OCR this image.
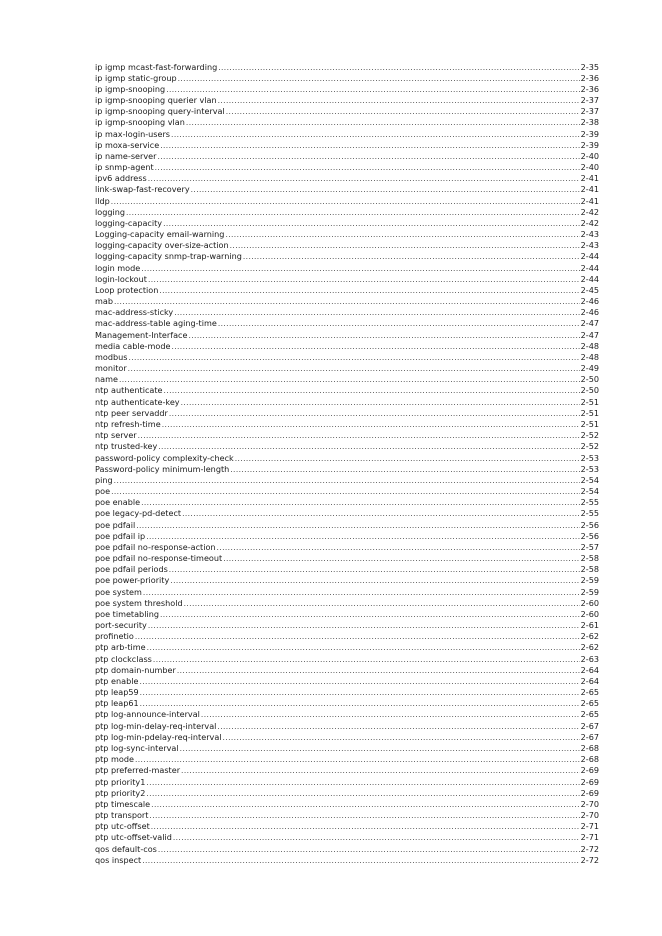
ip igmp mcast-fast-forwarding .....	2-35
ip igmp static-group .....	2-36
ip igmp-snooping .....	2-36
ip igmp-snooping querier vlan .....	2-37
ip igmp-snooping query-interval .....	2-37
ip igmp-snooping vlan .....	2-38
ip max-login-users .....	2-39
ip moxa-service .....	2-39
ip name-server .....	2-40
ip snmp-agent .....	2-40
ipv6 address .....	2-41
link-swap-fast-recovery .....	2-41
lldp .....	2-41
logging .....	2-42
logging-capacity .....	2-42
Logging-capacity email-warning .....	2-43
logging-capacity over-size-action .....	2-43
logging-capacity snmp-trap-warning .....	2-44
login mode .....	2-44
login-lockout .....	2-44
Loop protection .....	2-45
mab .....	2-46
mac-address-sticky .....	2-46
mac-address-table aging-time .....	2-47
Management-Interface .....	2-47
media cable-mode .....	2-48
modbus .....	2-48
monitor .....	2-49
name .....	2-50
ntp authenticate .....	2-50
ntp authenticate-key .....	2-51
ntp peer servaddr .....	2-51
ntp refresh-time .....	2-51
ntp server .....	2-52
ntp trusted-key .....	2-52
password-policy complexity-check .....	2-53
Password-policy minimum-length .....	2-53
ping .....	2-54
poe .....	2-54
poe enable .....	2-55
poe legacy-pd-detect .....	2-55
poe pdfail .....	2-56
poe pdfail ip .....	2-56
poe pdfail no-response-action .....	2-57
poe pdfail no-response-timeout .....	2-58
poe pdfail periods .....	2-58
poe power-priority .....	2-59
poe system .....	2-59
poe system threshold .....	2-60
poe timetabling .....	2-60
port-security .....	2-61
profinetio .....	2-62
ptp arb-time .....	2-62
ptp clockclass .....	2-63
ptp domain-number .....	2-64
ptp enable .....	2-64
ptp leap59 .....	2-65
ptp leap61 .....	2-65
ptp log-announce-interval .....	2-65
ptp log-min-delay-req-interval .....	2-67
ptp log-min-pdelay-req-interval .....	2-67
ptp log-sync-interval .....	2-68
ptp mode .....	2-68
ptp preferred-master .....	2-69
ptp priority1 .....	2-69
ptp priority2 .....	2-69
ptp timescale .....	2-70
ptp transport .....	2-70
ptp utc-offset .....	2-71
ptp utc-offset-valid .....	2-71
qos default-cos .....	2-72
qos inspect .....	2-72
